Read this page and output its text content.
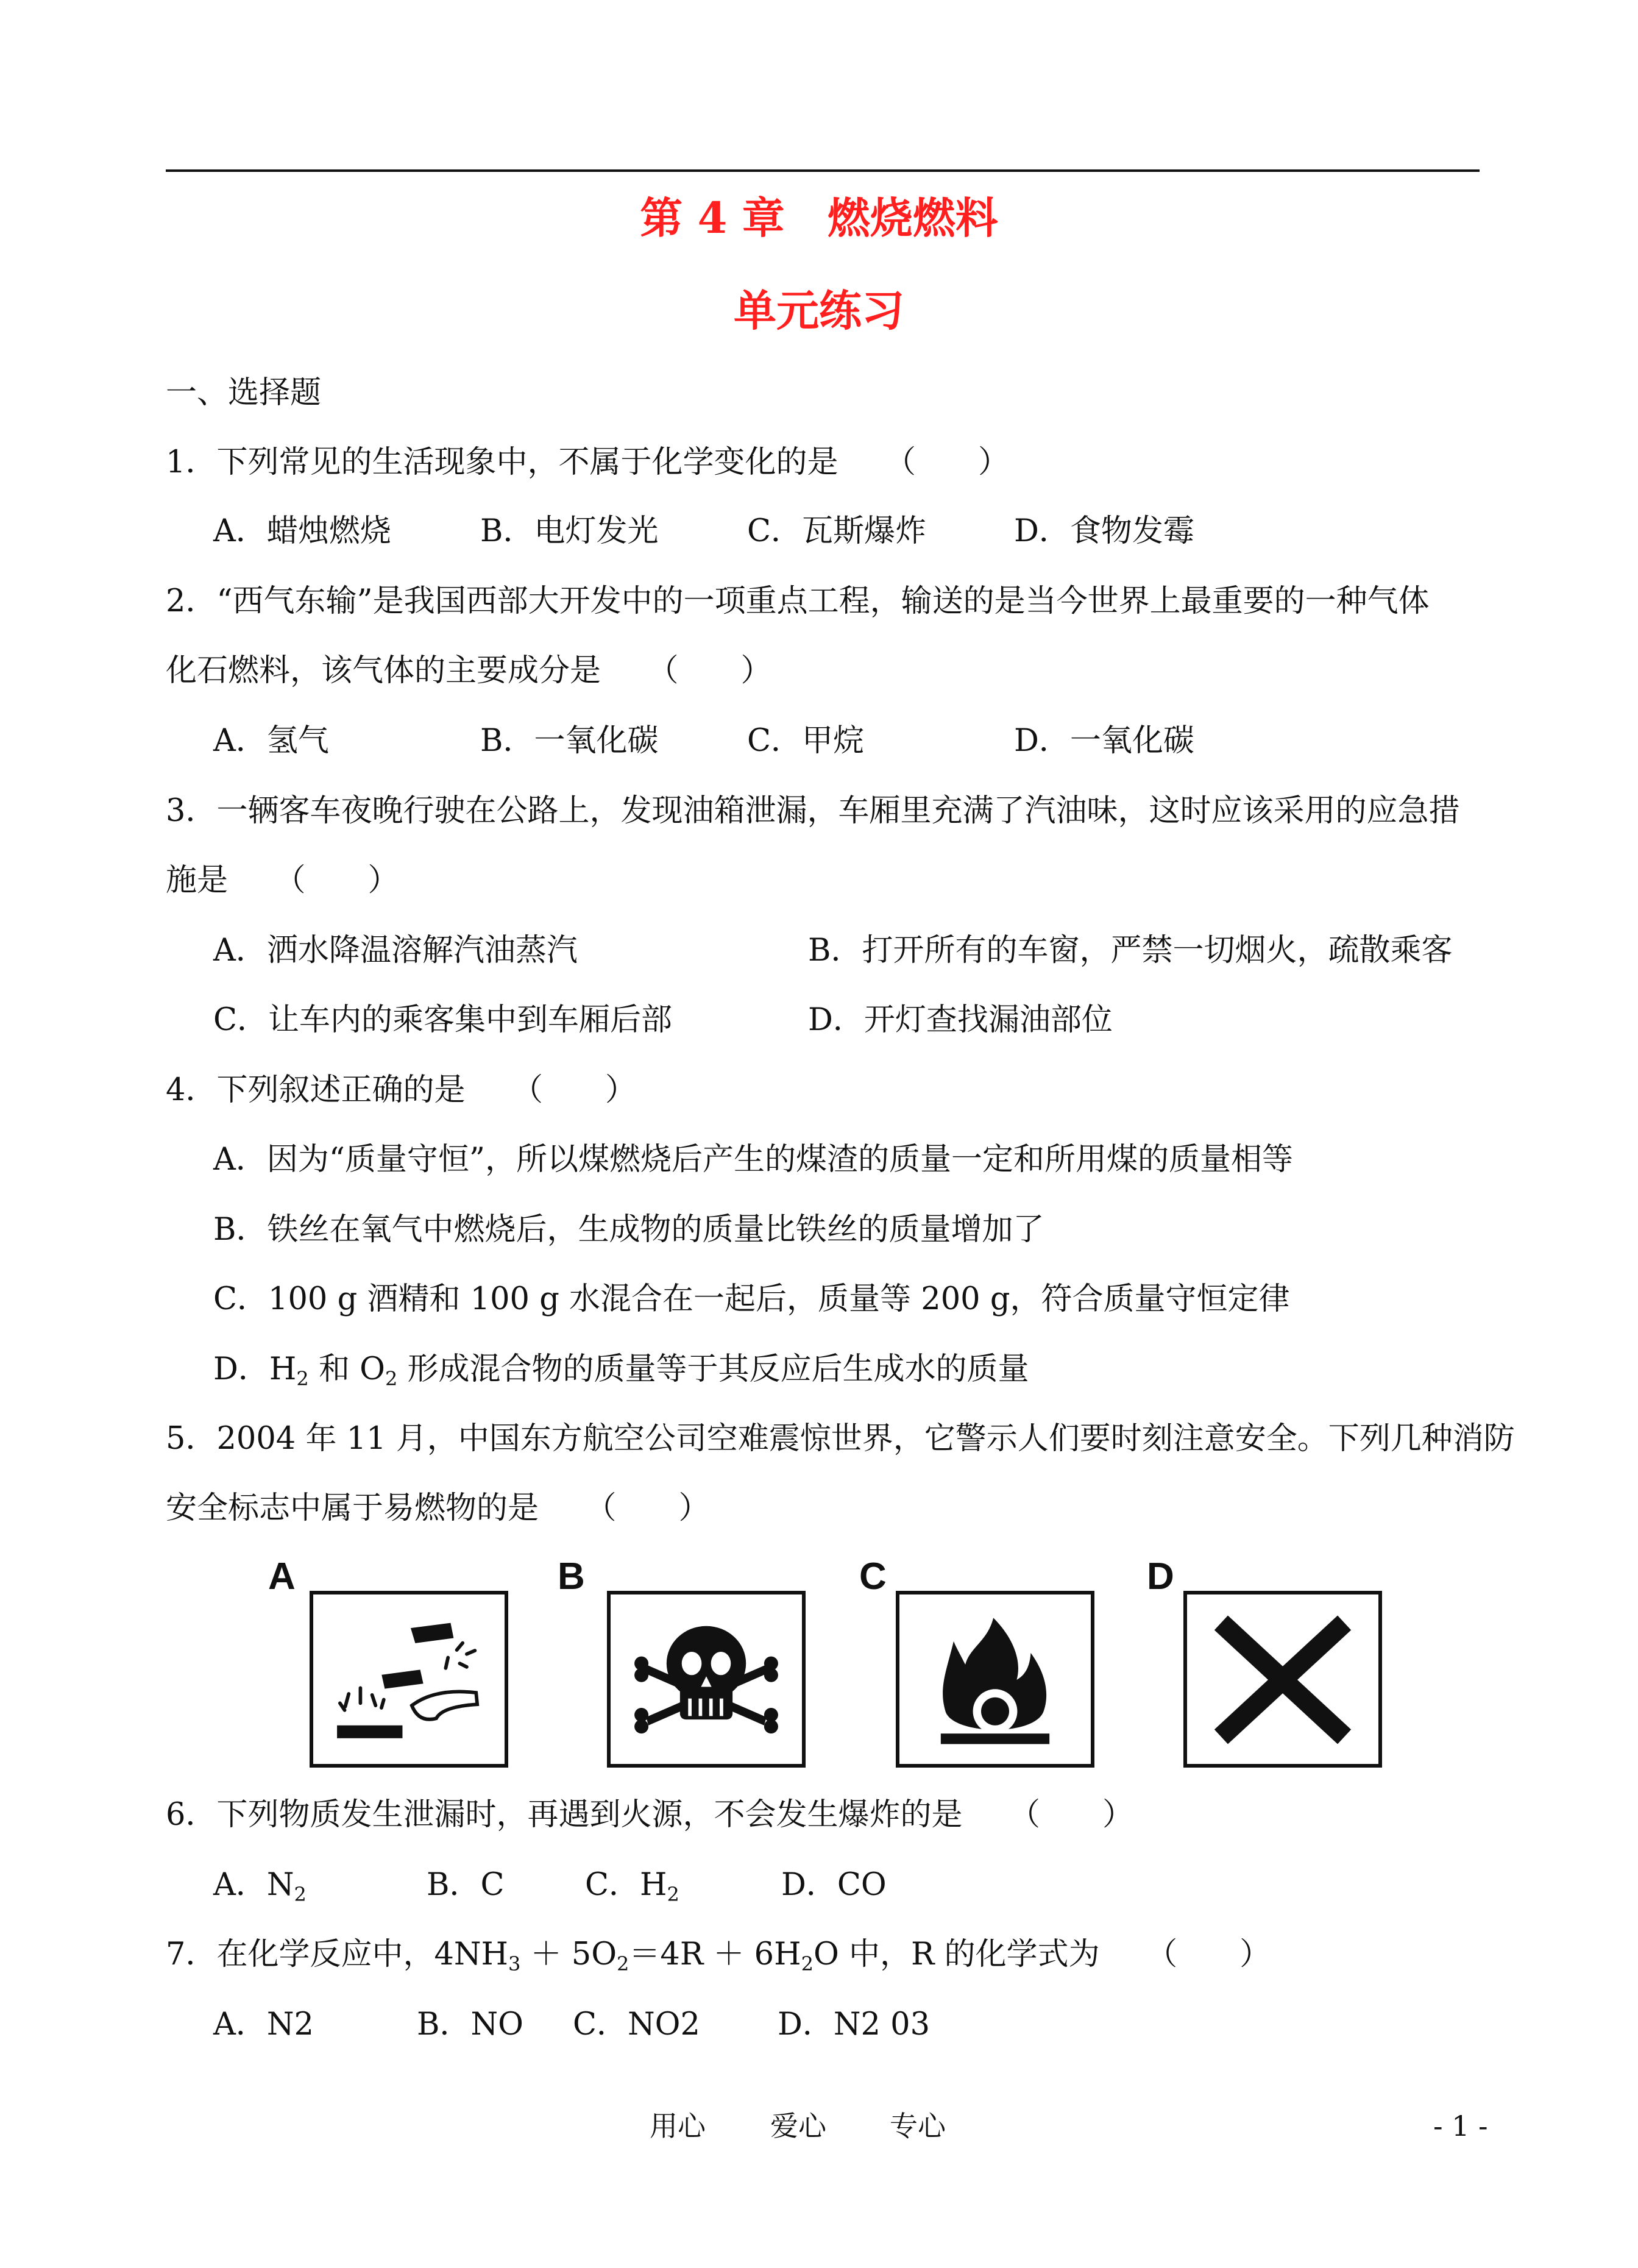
第 4 章　燃烧燃料
单元练习
一、选择题
1．下列常见的生活现象中，不属于化学变化的是　　（　　）
A．蜡烛燃烧	B．电灯发光	C．瓦斯爆炸	D．食物发霉
2．“西气东输”是我国西部大开发中的一项重点工程，输送的是当今世界上最重要的一种气体
化石燃料，该气体的主要成分是　　（　　）
A．氢气	B．一氧化碳	C．甲烷	D．一氧化碳
3．一辆客车夜晚行驶在公路上，发现油箱泄漏，车厢里充满了汽油味，这时应该采用的应急措
施是　　（　　）
A．洒水降温溶解汽油蒸汽	B．打开所有的车窗，严禁一切烟火，疏散乘客
C．让车内的乘客集中到车厢后部	D．开灯查找漏油部位
4．下列叙述正确的是　　（　　）
A．因为“质量守恒”，所以煤燃烧后产生的煤渣的质量一定和所用煤的质量相等
B．铁丝在氧气中燃烧后，生成物的质量比铁丝的质量增加了
C．100 g 酒精和 100 g 水混合在一起后，质量等 200 g，符合质量守恒定律
D．$H_2$ 和 $O_2$ 形成混合物的质量等于其反应后生成水的质量
5．2004 年 11 月，中国东方航空公司空难震惊世界，它警示人们要时刻注意安全。下列几种消防
安全标志中属于易燃物的是　　（　　）
A	B	C	D
6．下列物质发生泄漏时，再遇到火源，不会发生爆炸的是　　（　　）
A．$N_2$	B．C	C．$H_2$	D．CO
7．在化学反应中，$4NH_3 + 5O_2=4R + 6H_2O$ 中，R 的化学式为　　（　　）
A．N2	B．NO C．NO2 D．N2 03
用心 爱心 专心	- 1 -
